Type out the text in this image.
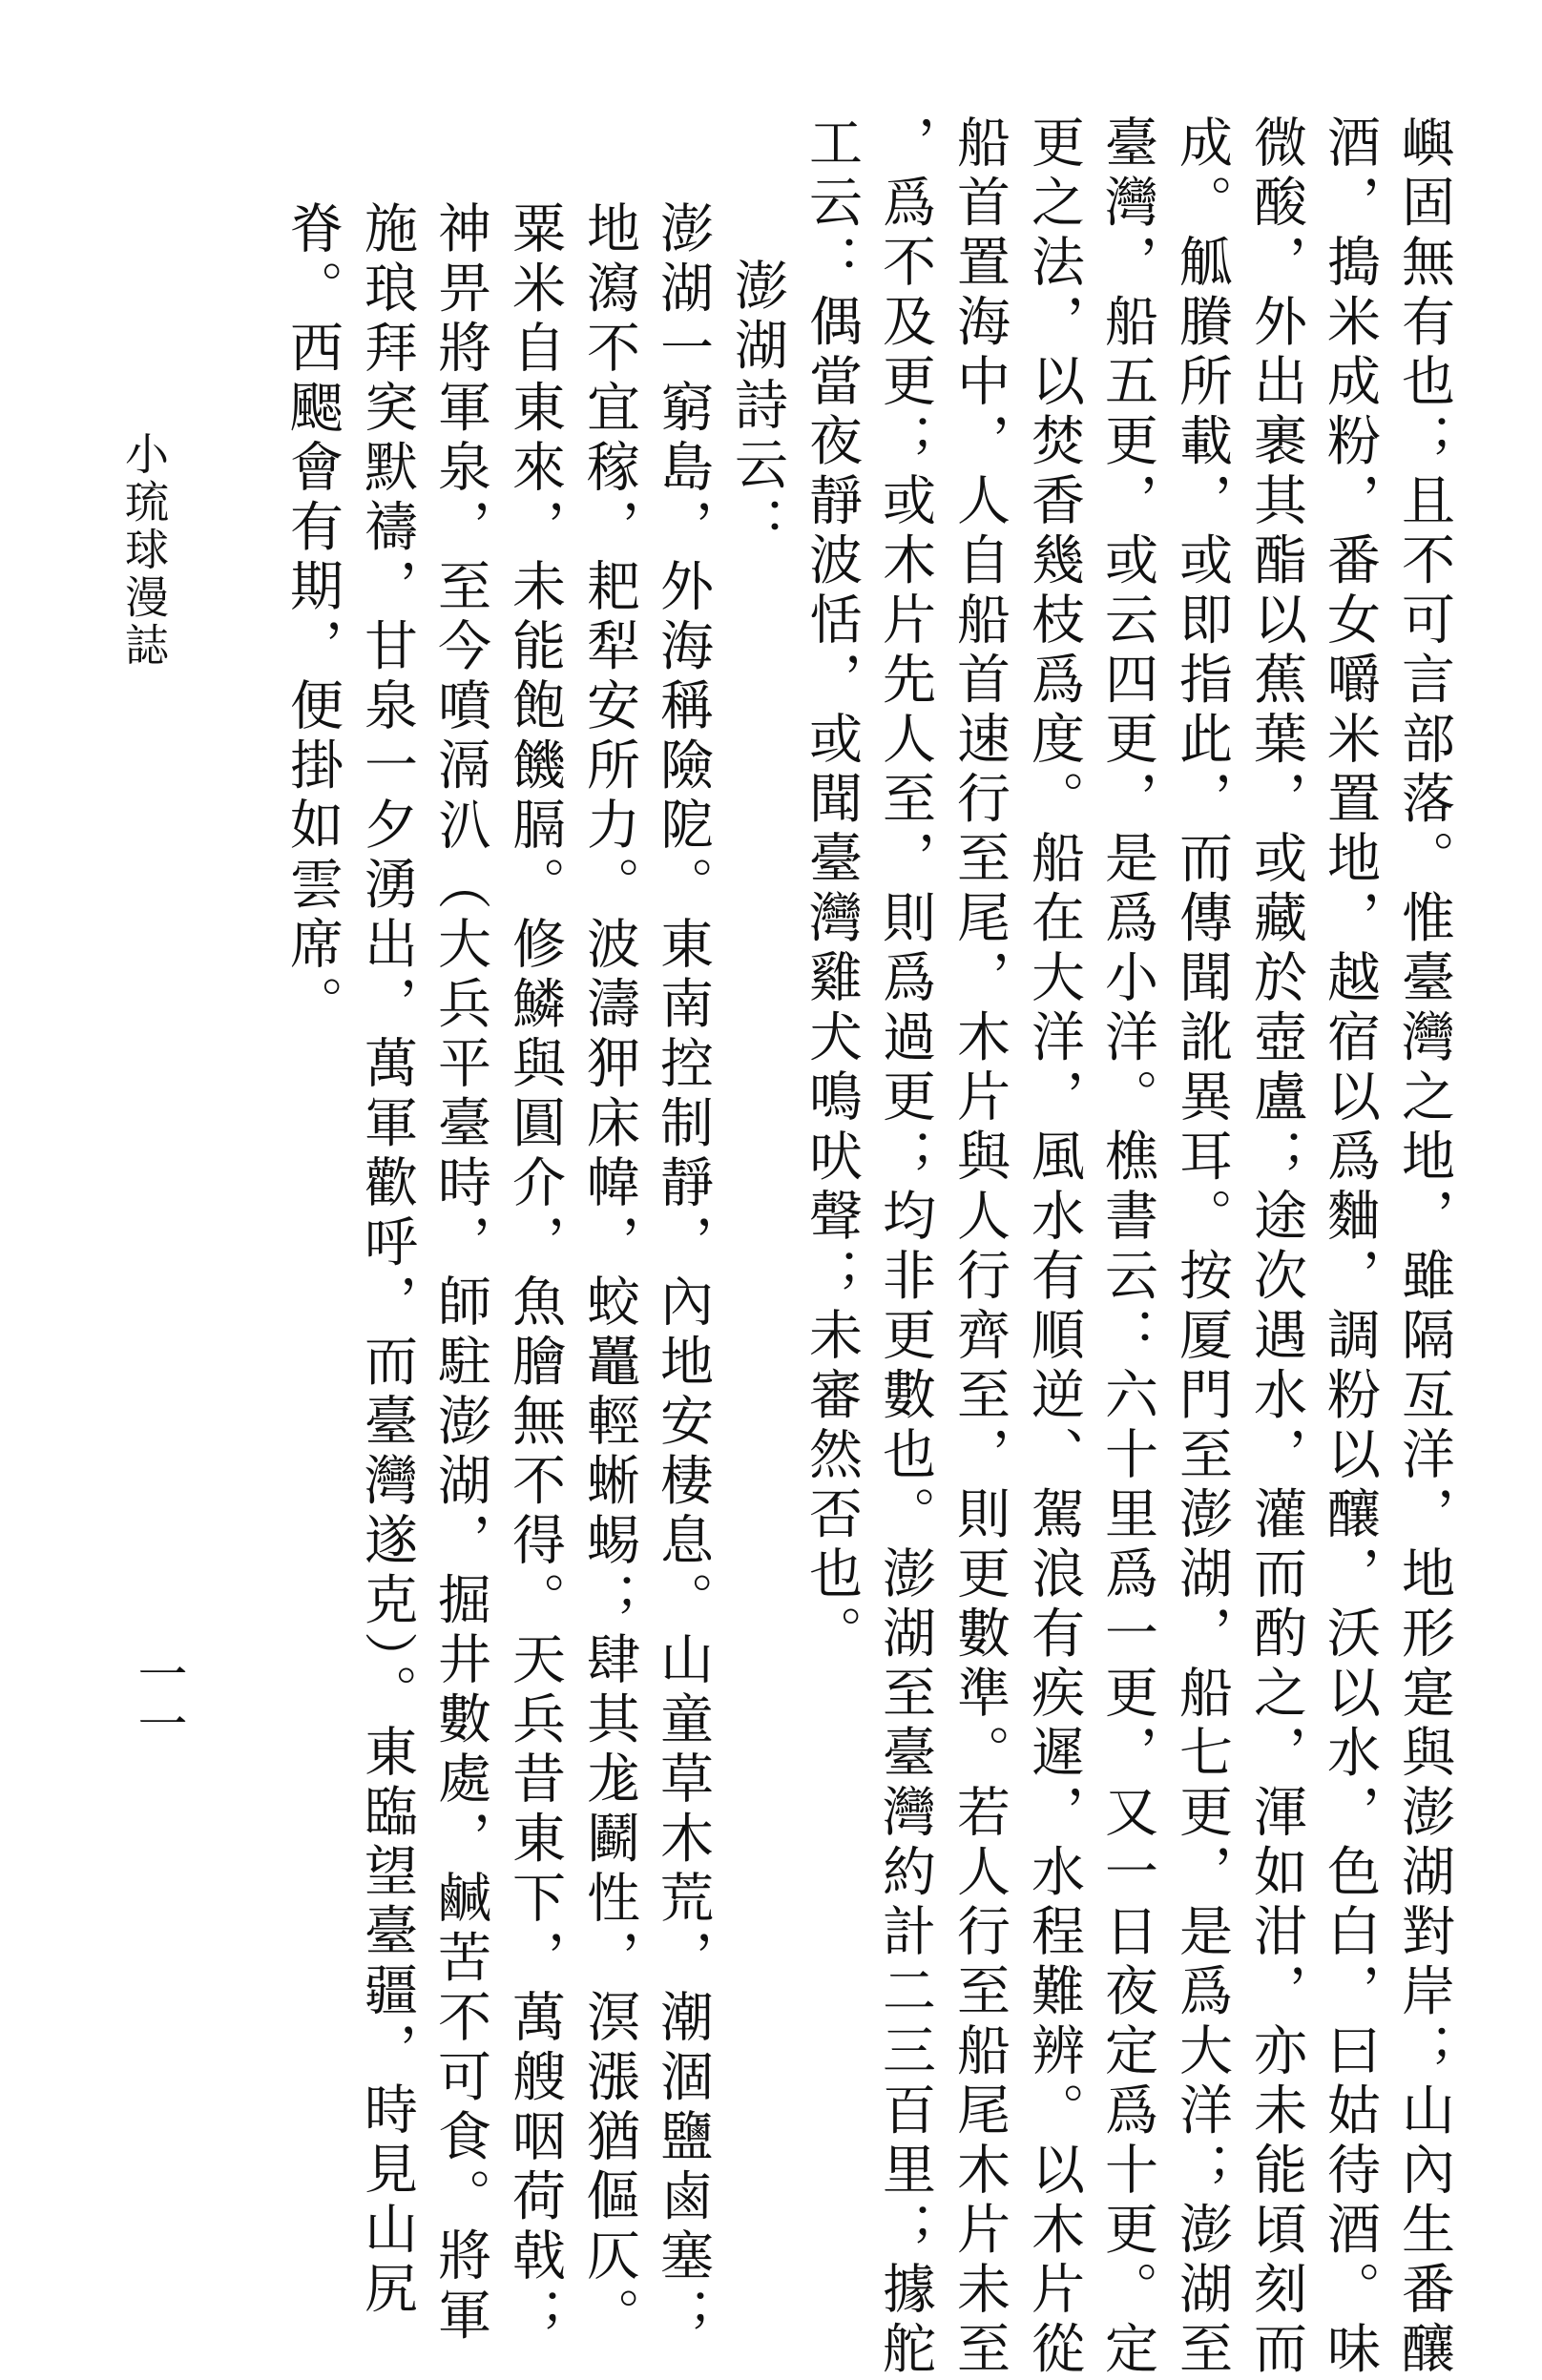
嶼固無有也；且不可言部落。惟臺灣之地，雖隔亙洋，地形寔與澎湖對岸；山內生番釀
酒，搗米成粉，番女嚼米置地，越宿以爲麯，調粉以釀，沃以水，色白，曰姑待酒。味
微酸，外出裹其酯以蕉葉，或藏於壺盧；途次遇水，灌而酌之，渾如泔，亦未能頃刻而
成。觚賸所載，或即指此，而傳聞訛異耳。按厦門至澎湖，船七更，是爲大洋；澎湖至
臺灣，船五更，或云四更，是爲小洋。樵書云：六十里爲一更，又一日夜定爲十更。定
更之法，以焚香幾枝爲度。船在大洋，風水有順逆、駕浪有疾遲，水程難辨。以木片從
船首置海中，人自船首速行至尾，木片與人行齊至，則更數準。若人行至船尾木片未至
，爲不及更；或木片先人至，則爲過更；均非更數也。澎湖至臺灣約計二三百里；據舵
工云：偶當夜靜波恬，或聞臺灣雞犬鳴吠聲；未審然否也。
澎湖詩云：
澎湖一窮島，外海稱險阸。東南控制靜，內地安棲息。山童草木荒，潮涸鹽鹵塞；
地瀉不宜稼，耙犁安所力。波濤狎床幃，蛟鼉輕蜥蜴；肆其尨鬬性，溟漲猶傴仄。
粟米自東來，未能飽饑膈。修鱗與圓介，魚膾無不得。天兵昔東下，萬艘咽荷戟；
神畀將軍泉，至今噴滆汃（大兵平臺時，師駐澎湖，掘井數處，鹹苦不可食。將軍
施琅拜穾默禱，甘泉一夕湧出，萬軍歡呼，而臺灣遂克）。東臨望臺疆，時見山尻
脊。西颸會有期，便掛如雲席。
小琉球漫誌
一一
